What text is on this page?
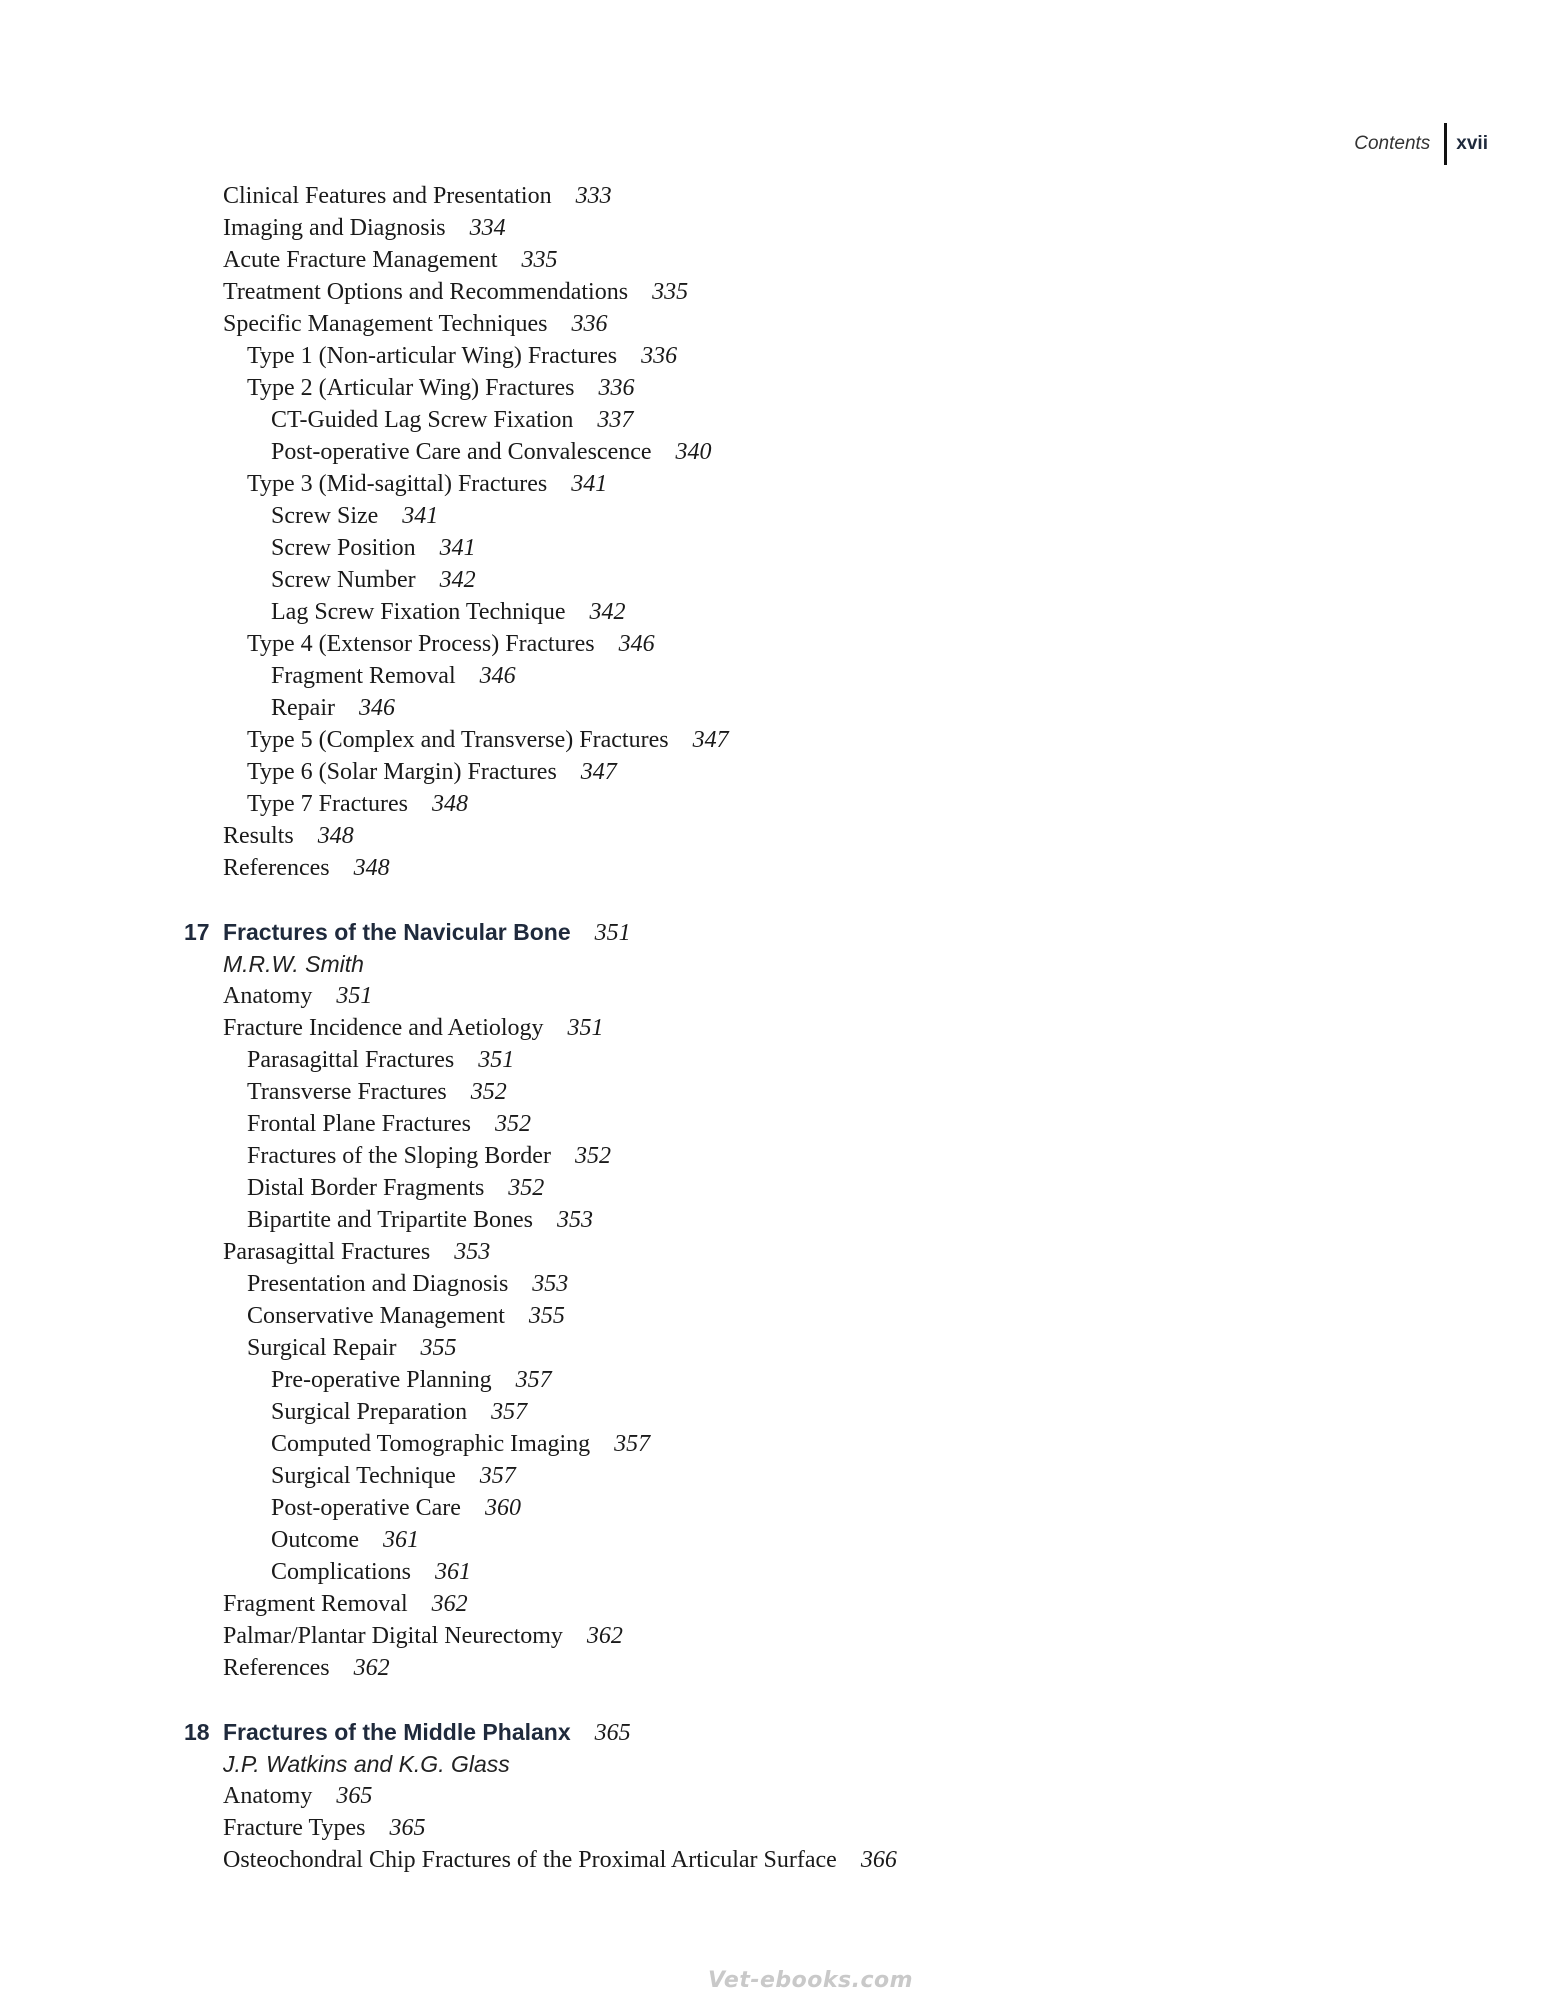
Contents	xvii
Clinical Features and Presentation 333
Imaging and Diagnosis 334
Acute Fracture Management 335
Treatment Options and Recommendations 335
Specific Management Techniques 336
Type 1 (Non-articular Wing) Fractures 336
Type 2 (Articular Wing) Fractures 336
CT-Guided Lag Screw Fixation 337
Post-operative Care and Convalescence 340
Type 3 (Mid-sagittal) Fractures 341
Screw Size 341
Screw Position 341
Screw Number 342
Lag Screw Fixation Technique 342
Type 4 (Extensor Process) Fractures 346
Fragment Removal 346
Repair 346
Type 5 (Complex and Transverse) Fractures 347
Type 6 (Solar Margin) Fractures 347
Type 7 Fractures 348
Results 348
References 348
17 Fractures of the Navicular Bone 351
M.R.W. Smith
Anatomy 351
Fracture Incidence and Aetiology 351
Parasagittal Fractures 351
Transverse Fractures 352
Frontal Plane Fractures 352
Fractures of the Sloping Border 352
Distal Border Fragments 352
Bipartite and Tripartite Bones 353
Parasagittal Fractures 353
Presentation and Diagnosis 353
Conservative Management 355
Surgical Repair 355
Pre-operative Planning 357
Surgical Preparation 357
Computed Tomographic Imaging 357
Surgical Technique 357
Post-operative Care 360
Outcome 361
Complications 361
Fragment Removal 362
Palmar/Plantar Digital Neurectomy 362
References 362
18 Fractures of the Middle Phalanx 365
J.P. Watkins and K.G. Glass
Anatomy 365
Fracture Types 365
Osteochondral Chip Fractures of the Proximal Articular Surface 366
Vet-ebooks.com
